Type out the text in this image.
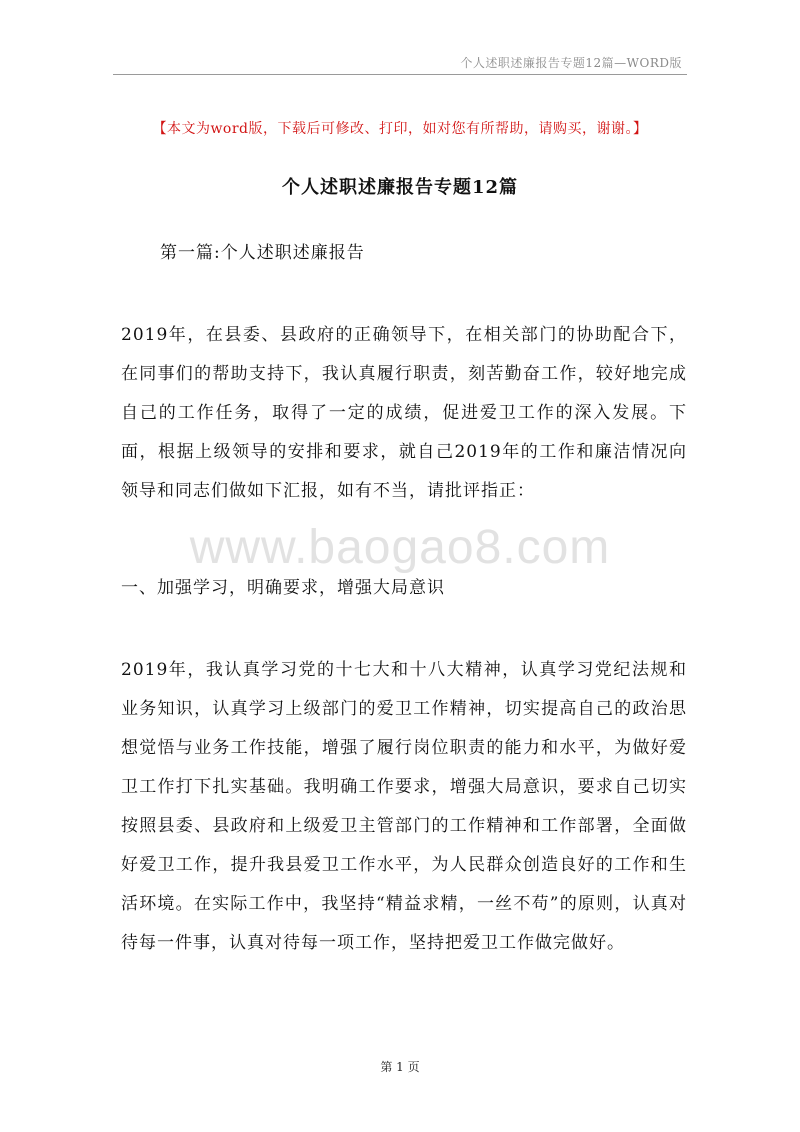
个人述职述廉报告专题12篇—WORD版
【本文为word版，下载后可修改、打印，如对您有所帮助，请购买，谢谢。】
个人述职述廉报告专题12篇
第一篇:个人述职述廉报告

2019年，在县委、县政府的正确领导下，在相关部门的协助配合下，在同事们的帮助支持下，我认真履行职责，刻苦勤奋工作，较好地完成自己的工作任务，取得了一定的成绩，促进爱卫工作的深入发展。下面，根据上级领导的安排和要求，就自己2019年的工作和廉洁情况向领导和同志们做如下汇报，如有不当，请批评指正：

www.baogao8.com
一、加强学习，明确要求，增强大局意识

2019年，我认真学习党的十七大和十八大精神，认真学习党纪法规和业务知识，认真学习上级部门的爱卫工作精神，切实提高自己的政治思想觉悟与业务工作技能，增强了履行岗位职责的能力和水平，为做好爱卫工作打下扎实基础。我明确工作要求，增强大局意识，要求自己切实按照县委、县政府和上级爱卫主管部门的工作精神和工作部署，全面做好爱卫工作，提升我县爱卫工作水平，为人民群众创造良好的工作和生活环境。在实际工作中，我坚持“精益求精，一丝不苟”的原则，认真对待每一件事，认真对待每一项工作，坚持把爱卫工作做完做好。

第 1 页
